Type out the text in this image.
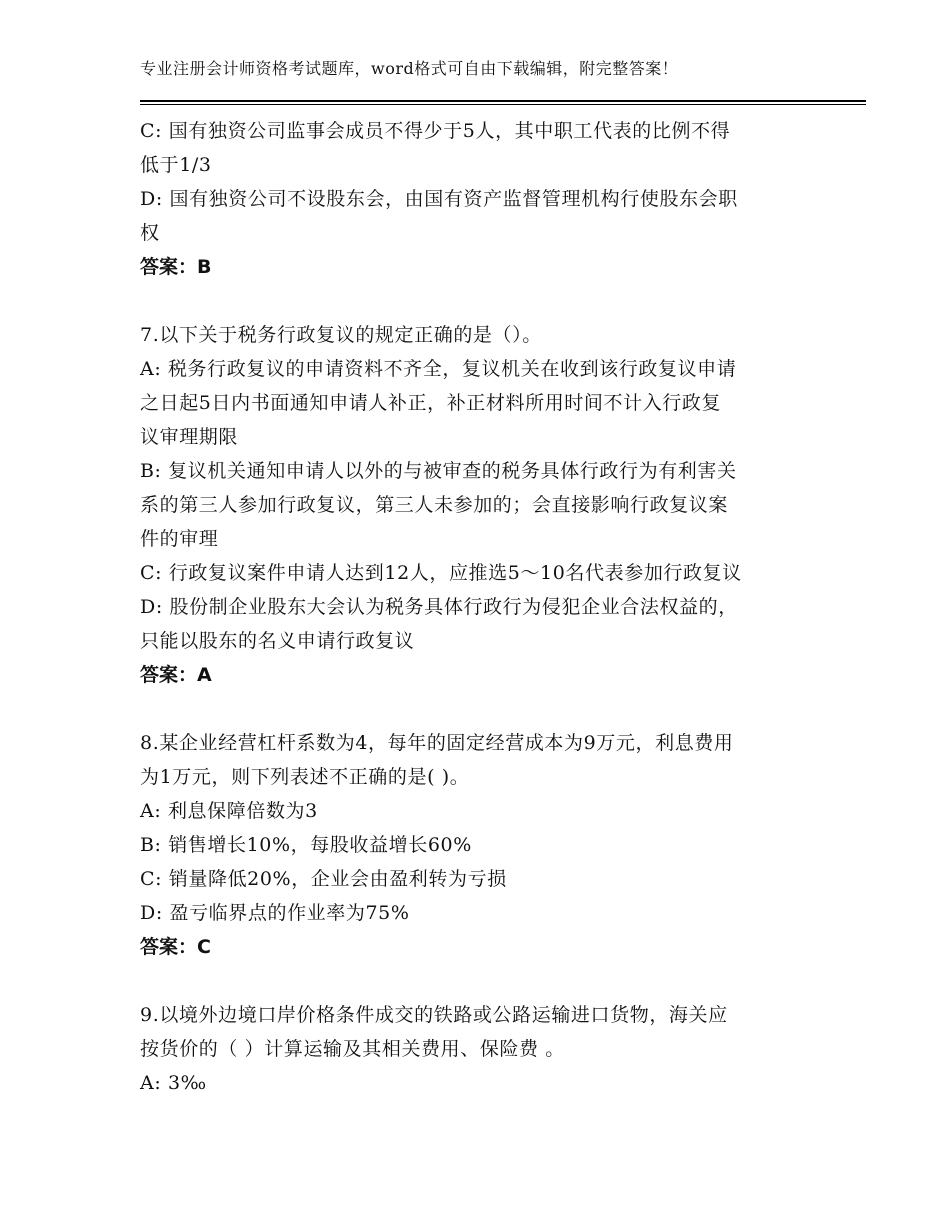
专业注册会计师资格考试题库，word格式可自由下载编辑，附完整答案！
C: 国有独资公司监事会成员不得少于5人，其中职工代表的比例不得
低于1/3
D: 国有独资公司不设股东会，由国有资产监督管理机构行使股东会职
权
答案：B
7.以下关于税务行政复议的规定正确的是（）。
A: 税务行政复议的申请资料不齐全，复议机关在收到该行政复议申请
之日起5日内书面通知申请人补正，补正材料所用时间不计入行政复
议审理期限
B: 复议机关通知申请人以外的与被审查的税务具体行政行为有利害关
系的第三人参加行政复议，第三人未参加的；会直接影响行政复议案
件的审理
C: 行政复议案件申请人达到12人，应推选5～10名代表参加行政复议
D: 股份制企业股东大会认为税务具体行政行为侵犯企业合法权益的，
只能以股东的名义申请行政复议
答案：A
8.某企业经营杠杆系数为4，每年的固定经营成本为9万元，利息费用
为1万元，则下列表述不正确的是( )。
A: 利息保障倍数为3
B: 销售增长10%，每股收益增长60%
C: 销量降低20%，企业会由盈利转为亏损
D: 盈亏临界点的作业率为75%
答案：C
9.以境外边境口岸价格条件成交的铁路或公路运输进口货物，海关应
按货价的（ ）计算运输及其相关费用、保险费 。
A: 3‰
